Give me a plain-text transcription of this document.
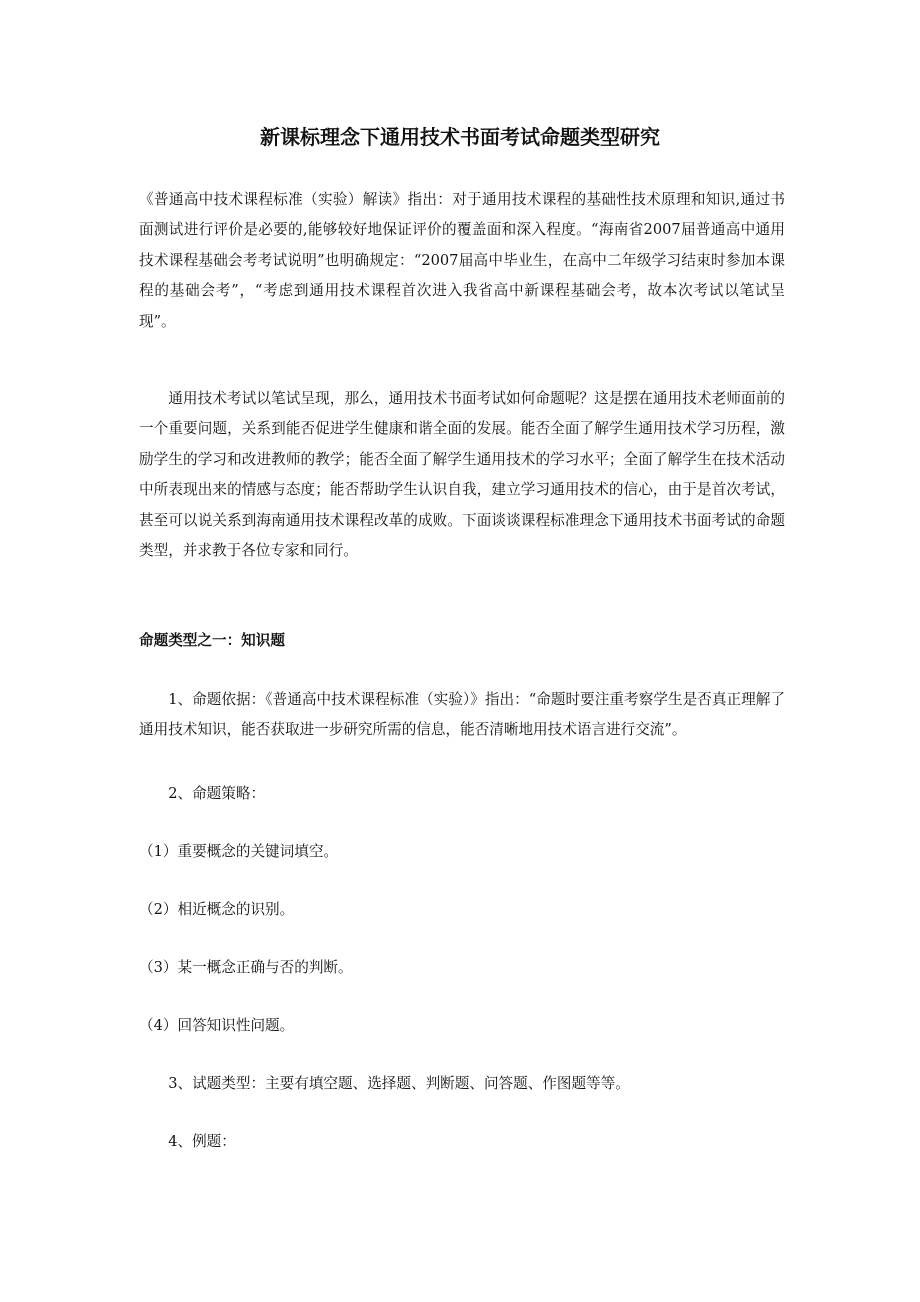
新课标理念下通用技术书面考试命题类型研究

《普通高中技术课程标准（实验）解读》指出：对于通用技术课程的基础性技术原理和知识,通过书面测试进行评价是必要的,能够较好地保证评价的覆盖面和深入程度。“海南省2007届普通高中通用技术课程基础会考考试说明”也明确规定：“2007届高中毕业生，在高中二年级学习结束时参加本课程的基础会考”，“考虑到通用技术课程首次进入我省高中新课程基础会考，故本次考试以笔试呈现”。

通用技术考试以笔试呈现，那么，通用技术书面考试如何命题呢？这是摆在通用技术老师面前的一个重要问题，关系到能否促进学生健康和谐全面的发展。能否全面了解学生通用技术学习历程，激励学生的学习和改进教师的教学；能否全面了解学生通用技术的学习水平；全面了解学生在技术活动中所表现出来的情感与态度；能否帮助学生认识自我，建立学习通用技术的信心，由于是首次考试，甚至可以说关系到海南通用技术课程改革的成败。下面谈谈课程标准理念下通用技术书面考试的命题类型，并求教于各位专家和同行。

命题类型之一：知识题

1、命题依据：《普通高中技术课程标准（实验）》指出：“命题时要注重考察学生是否真正理解了通用技术知识，能否获取进一步研究所需的信息，能否清晰地用技术语言进行交流”。

2、命题策略：

（1）重要概念的关键词填空。

（2）相近概念的识别。

（3）某一概念正确与否的判断。

（4）回答知识性问题。

3、试题类型：主要有填空题、选择题、判断题、问答题、作图题等等。

4、例题：
